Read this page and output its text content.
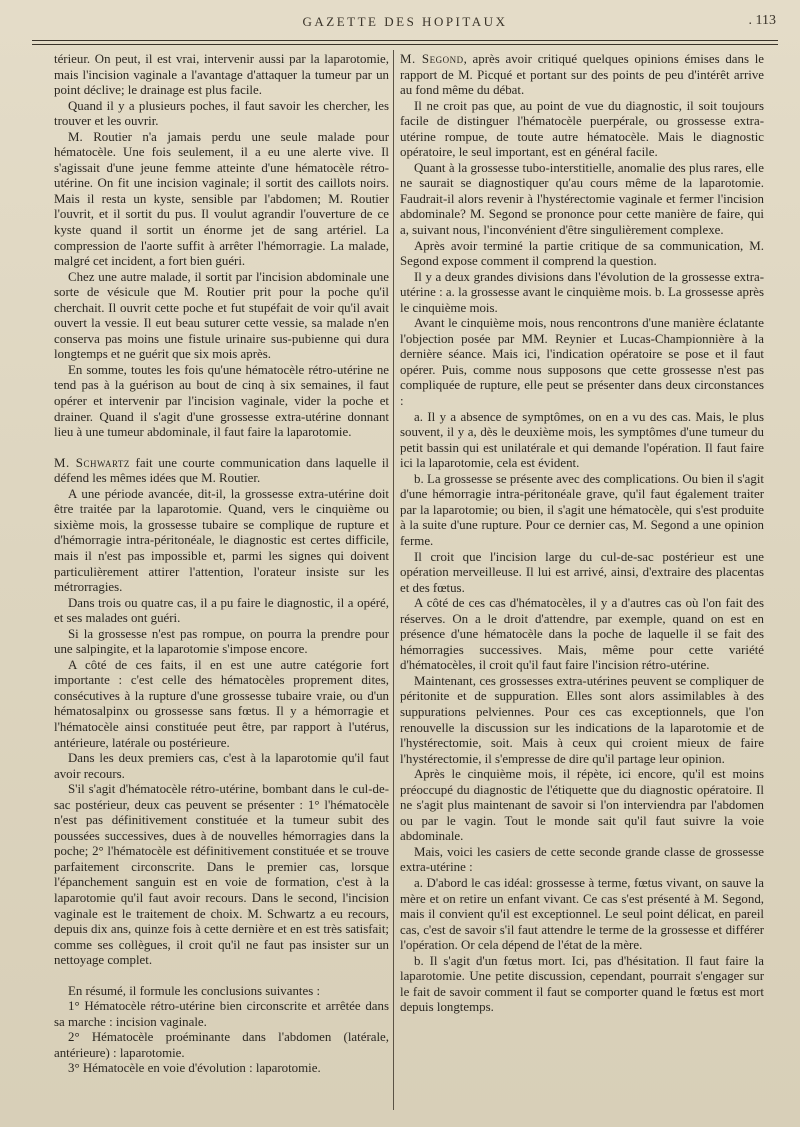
GAZETTE DES HOPITAUX	. 113

térieur. On peut, il est vrai, intervenir aussi par la laparotomie, mais l'incision vaginale a l'avantage d'attaquer la tumeur par un point déclive; le drainage est plus facile.

Quand il y a plusieurs poches, il faut savoir les chercher, les trouver et les ouvrir.

M. Routier n'a jamais perdu une seule malade pour hématocèle. Une fois seulement, il a eu une alerte vive. Il s'agissait d'une jeune femme atteinte d'une hématocèle rétro-utérine. On fit une incision vaginale; il sortit des caillots noirs. Mais il resta un kyste, sensible par l'abdomen; M. Routier l'ouvrit, et il sortit du pus. Il voulut agrandir l'ouverture de ce kyste quand il sortit un énorme jet de sang artériel. La compression de l'aorte suffit à arrêter l'hémorragie. La malade, malgré cet incident, a fort bien guéri.

Chez une autre malade, il sortit par l'incision abdominale une sorte de vésicule que M. Routier prit pour la poche qu'il cherchait. Il ouvrit cette poche et fut stupéfait de voir qu'il avait ouvert la vessie. Il eut beau suturer cette vessie, sa malade n'en conserva pas moins une fistule urinaire sus-pubienne qui dura longtemps et ne guérit que six mois après.

En somme, toutes les fois qu'une hématocèle rétro-utérine ne tend pas à la guérison au bout de cinq à six semaines, il faut opérer et intervenir par l'incision vaginale, vider la poche et drainer. Quand il s'agit d'une grossesse extra-utérine donnant lieu à une tumeur abdominale, il faut faire la laparotomie.

M. Schwartz fait une courte communication dans laquelle il défend les mêmes idées que M. Routier.

A une période avancée, dit-il, la grossesse extra-utérine doit être traitée par la laparotomie. Quand, vers le cinquième ou sixième mois, la grossesse tubaire se complique de rupture et d'hémorragie intra-péritonéale, le diagnostic est certes difficile, mais il n'est pas impossible et, parmi les signes qui doivent particulièrement attirer l'attention, l'orateur insiste sur les métrorragies.

Dans trois ou quatre cas, il a pu faire le diagnostic, il a opéré, et ses malades ont guéri.

Si la grossesse n'est pas rompue, on pourra la prendre pour une salpingite, et la laparotomie s'impose encore.

A côté de ces faits, il en est une autre catégorie fort importante : c'est celle des hématocèles proprement dites, consécutives à la rupture d'une grossesse tubaire vraie, ou d'un hématosalpinx ou grossesse sans fœtus. Il y a hémorragie et l'hématocèle ainsi constituée peut être, par rapport à l'utérus, antérieure, latérale ou postérieure.

Dans les deux premiers cas, c'est à la laparotomie qu'il faut avoir recours.

S'il s'agit d'hématocèle rétro-utérine, bombant dans le cul-de-sac postérieur, deux cas peuvent se présenter : 1° l'hématocèle n'est pas définitivement constituée et la tumeur subit des poussées successives, dues à de nouvelles hémorragies dans la poche; 2° l'hématocèle est définitivement constituée et se trouve parfaitement circonscrite. Dans le premier cas, lorsque l'épanchement sanguin est en voie de formation, c'est à la laparotomie qu'il faut avoir recours. Dans le second, l'incision vaginale est le traitement de choix. M. Schwartz a eu recours, depuis dix ans, quinze fois à cette dernière et en est très satisfait; comme ses collègues, il croit qu'il ne faut pas insister sur un nettoyage complet.

En résumé, il formule les conclusions suivantes :

1° Hématocèle rétro-utérine bien circonscrite et arrêtée dans sa marche : incision vaginale.

2° Hématocèle proéminante dans l'abdomen (latérale, antérieure) : laparotomie.

3° Hématocèle en voie d'évolution : laparotomie.

M. Segond, après avoir critiqué quelques opinions émises dans le rapport de M. Picqué et portant sur des points de peu d'intérêt arrive au fond même du débat.

Il ne croit pas que, au point de vue du diagnostic, il soit toujours facile de distinguer l'hématocèle puerpérale, ou grossesse extra-utérine rompue, de toute autre hématocèle. Mais le diagnostic opératoire, le seul important, est en général facile.

Quant à la grossesse tubo-interstitielle, anomalie des plus rares, elle ne saurait se diagnostiquer qu'au cours même de la laparotomie. Faudrait-il alors revenir à l'hystérectomie vaginale et fermer l'incision abdominale? M. Segond se prononce pour cette manière de faire, qui a, suivant nous, l'inconvénient d'être singulièrement complexe.

Après avoir terminé la partie critique de sa communication, M. Segond expose comment il comprend la question.

Il y a deux grandes divisions dans l'évolution de la grossesse extra-utérine : a. la grossesse avant le cinquième mois. b. La grossesse après le cinquième mois.

Avant le cinquième mois, nous rencontrons d'une manière éclatante l'objection posée par MM. Reynier et Lucas-Championnière à la dernière séance. Mais ici, l'indication opératoire se pose et il faut opérer. Puis, comme nous supposons que cette grossesse n'est pas compliquée de rupture, elle peut se présenter dans deux circonstances :

a. Il y a absence de symptômes, on en a vu des cas. Mais, le plus souvent, il y a, dès le deuxième mois, les symptômes d'une tumeur du petit bassin qui est unilatérale et qui demande l'opération. Il faut faire ici la laparotomie, cela est évident.

b. La grossesse se présente avec des complications. Ou bien il s'agit d'une hémorragie intra-péritonéale grave, qu'il faut également traiter par la laparotomie; ou bien, il s'agit une hématocèle, qui s'est produite à la suite d'une rupture. Pour ce dernier cas, M. Segond a une opinion ferme.

Il croit que l'incision large du cul-de-sac postérieur est une opération merveilleuse. Il lui est arrivé, ainsi, d'extraire des placentas et des fœtus.

A côté de ces cas d'hématocèles, il y a d'autres cas où l'on fait des réserves. On a le droit d'attendre, par exemple, quand on est en présence d'une hématocèle dans la poche de laquelle il se fait des hémorragies successives. Mais, même pour cette variété d'hématocèles, il croit qu'il faut faire l'incision rétro-utérine.

Maintenant, ces grossesses extra-utérines peuvent se compliquer de péritonite et de suppuration. Elles sont alors assimilables à des suppurations pelviennes. Pour ces cas exceptionnels, que l'on renouvelle la discussion sur les indications de la laparotomie et de l'hystérectomie, soit. Mais à ceux qui croient mieux de faire l'hystérectomie, il s'empresse de dire qu'il partage leur opinion.

Après le cinquième mois, il répète, ici encore, qu'il est moins préoccupé du diagnostic de l'étiquette que du diagnostic opératoire. Il ne s'agit plus maintenant de savoir si l'on interviendra par l'abdomen ou par le vagin. Tout le monde sait qu'il faut suivre la voie abdominale.

Mais, voici les casiers de cette seconde grande classe de grossesse extra-utérine :

a. D'abord le cas idéal: grossesse à terme, fœtus vivant, on sauve la mère et on retire un enfant vivant. Ce cas s'est présenté à M. Segond, mais il convient qu'il est exceptionnel. Le seul point délicat, en pareil cas, c'est de savoir s'il faut attendre le terme de la grossesse et différer l'opération. Or cela dépend de l'état de la mère.

b. Il s'agit d'un fœtus mort. Ici, pas d'hésitation. Il faut faire la laparotomie. Une petite discussion, cependant, pourrait s'engager sur le fait de savoir comment il faut se comporter quand le fœtus est mort depuis longtemps.
